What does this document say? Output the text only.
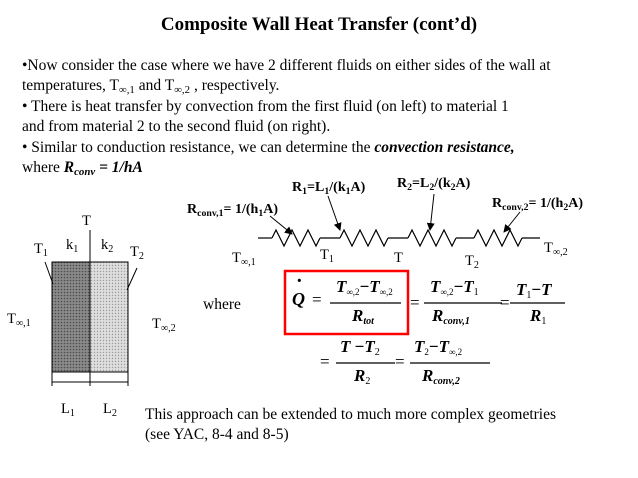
Composite Wall Heat Transfer (cont’d)
•Now consider the case where we have 2 different fluids on either sides of the wall at
temperatures, $T_{\infty,1}$ and $T_{\infty,2}$ , respectively.
• There is heat transfer by convection from the first fluid (on left) to material 1
and from material 2 to the second fluid (on right).
• Similar to conduction resistance, we can determine the convection resistance,
where $R_{conv} = 1/hA$
T
$T_1$
$k_1$ $k_2$ $T_2$
$T_{\infty,1}$	$T_{\infty,2}$
$L_1$ $L_2$
$R_1=L_1/(k_1A)$ $R_2=L_2/(k_2A)$
$R_{conv,1}= 1/(h_1A)$	$R_{conv,2}= 1/(h_2A)$
$T_{\infty,1}$	$T_1$	T	$T_2$
$T_{\infty,2}$
where	Q
·
=
$T_{\infty,2}-T_{\infty,2}$
$R_{tot}$
=
$T_{\infty,2}-T_1$
$R_{conv,1}$
=
$T_1-T$
$R_1$
=
$T -T_2$
$R_2$
=
$T_2-T_{\infty,2}$
$R_{conv,2}$
This approach can be extended to much more complex geometries
(see YAC, 8-4 and 8-5)
